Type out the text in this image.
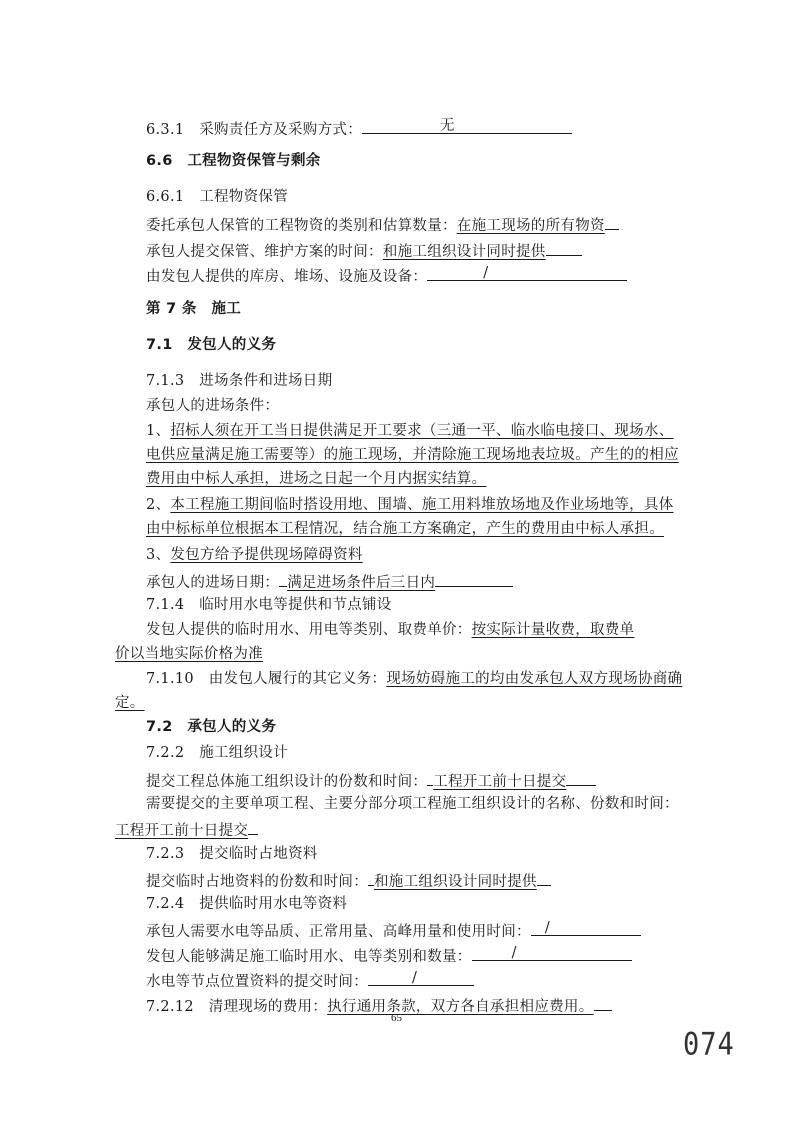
6.3.1　采购责任方及采购方式：	无
6.6　工程物资保管与剩余
6.6.1　工程物资保管
委托承包人保管的工程物资的类别和估算数量：在施工现场的所有物资
承包人提交保管、维护方案的时间：和施工组织设计同时提供
由发包人提供的库房、堆场、设施及设备：	/
第 7 条　施工
7.1　发包人的义务
7.1.3　进场条件和进场日期
承包人的进场条件：
1、招标人须在开工当日提供满足开工要求（三通一平、临水临电接口、现场水、
电供应量满足施工需要等）的施工现场，并清除施工现场地表垃圾。产生的的相应
费用由中标人承担，进场之日起一个月内据实结算。
2、本工程施工期间临时搭设用地、围墙、施工用料堆放场地及作业场地等，具体
由中标标单位根据本工程情况，结合施工方案确定，产生的费用由中标人承担。
3、发包方给予提供现场障碍资料
承包人的进场日期： 满足进场条件后三日内
7.1.4　临时用水电等提供和节点铺设
发包人提供的临时用水、用电等类别、取费单价：按实际计量收费，取费单
价以当地实际价格为准
7.1.10　由发包人履行的其它义务：现场妨碍施工的均由发承包人双方现场协商确
定。
7.2　承包人的义务
7.2.2　施工组织设计
提交工程总体施工组织设计的份数和时间： 工程开工前十日提交
需要提交的主要单项工程、主要分部分项工程施工组织设计的名称、份数和时间：
工程开工前十日提交
7.2.3　提交临时占地资料
提交临时占地资料的份数和时间： 和施工组织设计同时提供
7.2.4　提供临时用水电等资料
承包人需要水电等品质、正常用量、高峰用量和使用时间： /
发包人能够满足施工临时用水、电等类别和数量：	/
水电等节点位置资料的提交时间：	/
7.2.12　清理现场的费用：执行通用条款，双方各自承担相应费用。
65
074
